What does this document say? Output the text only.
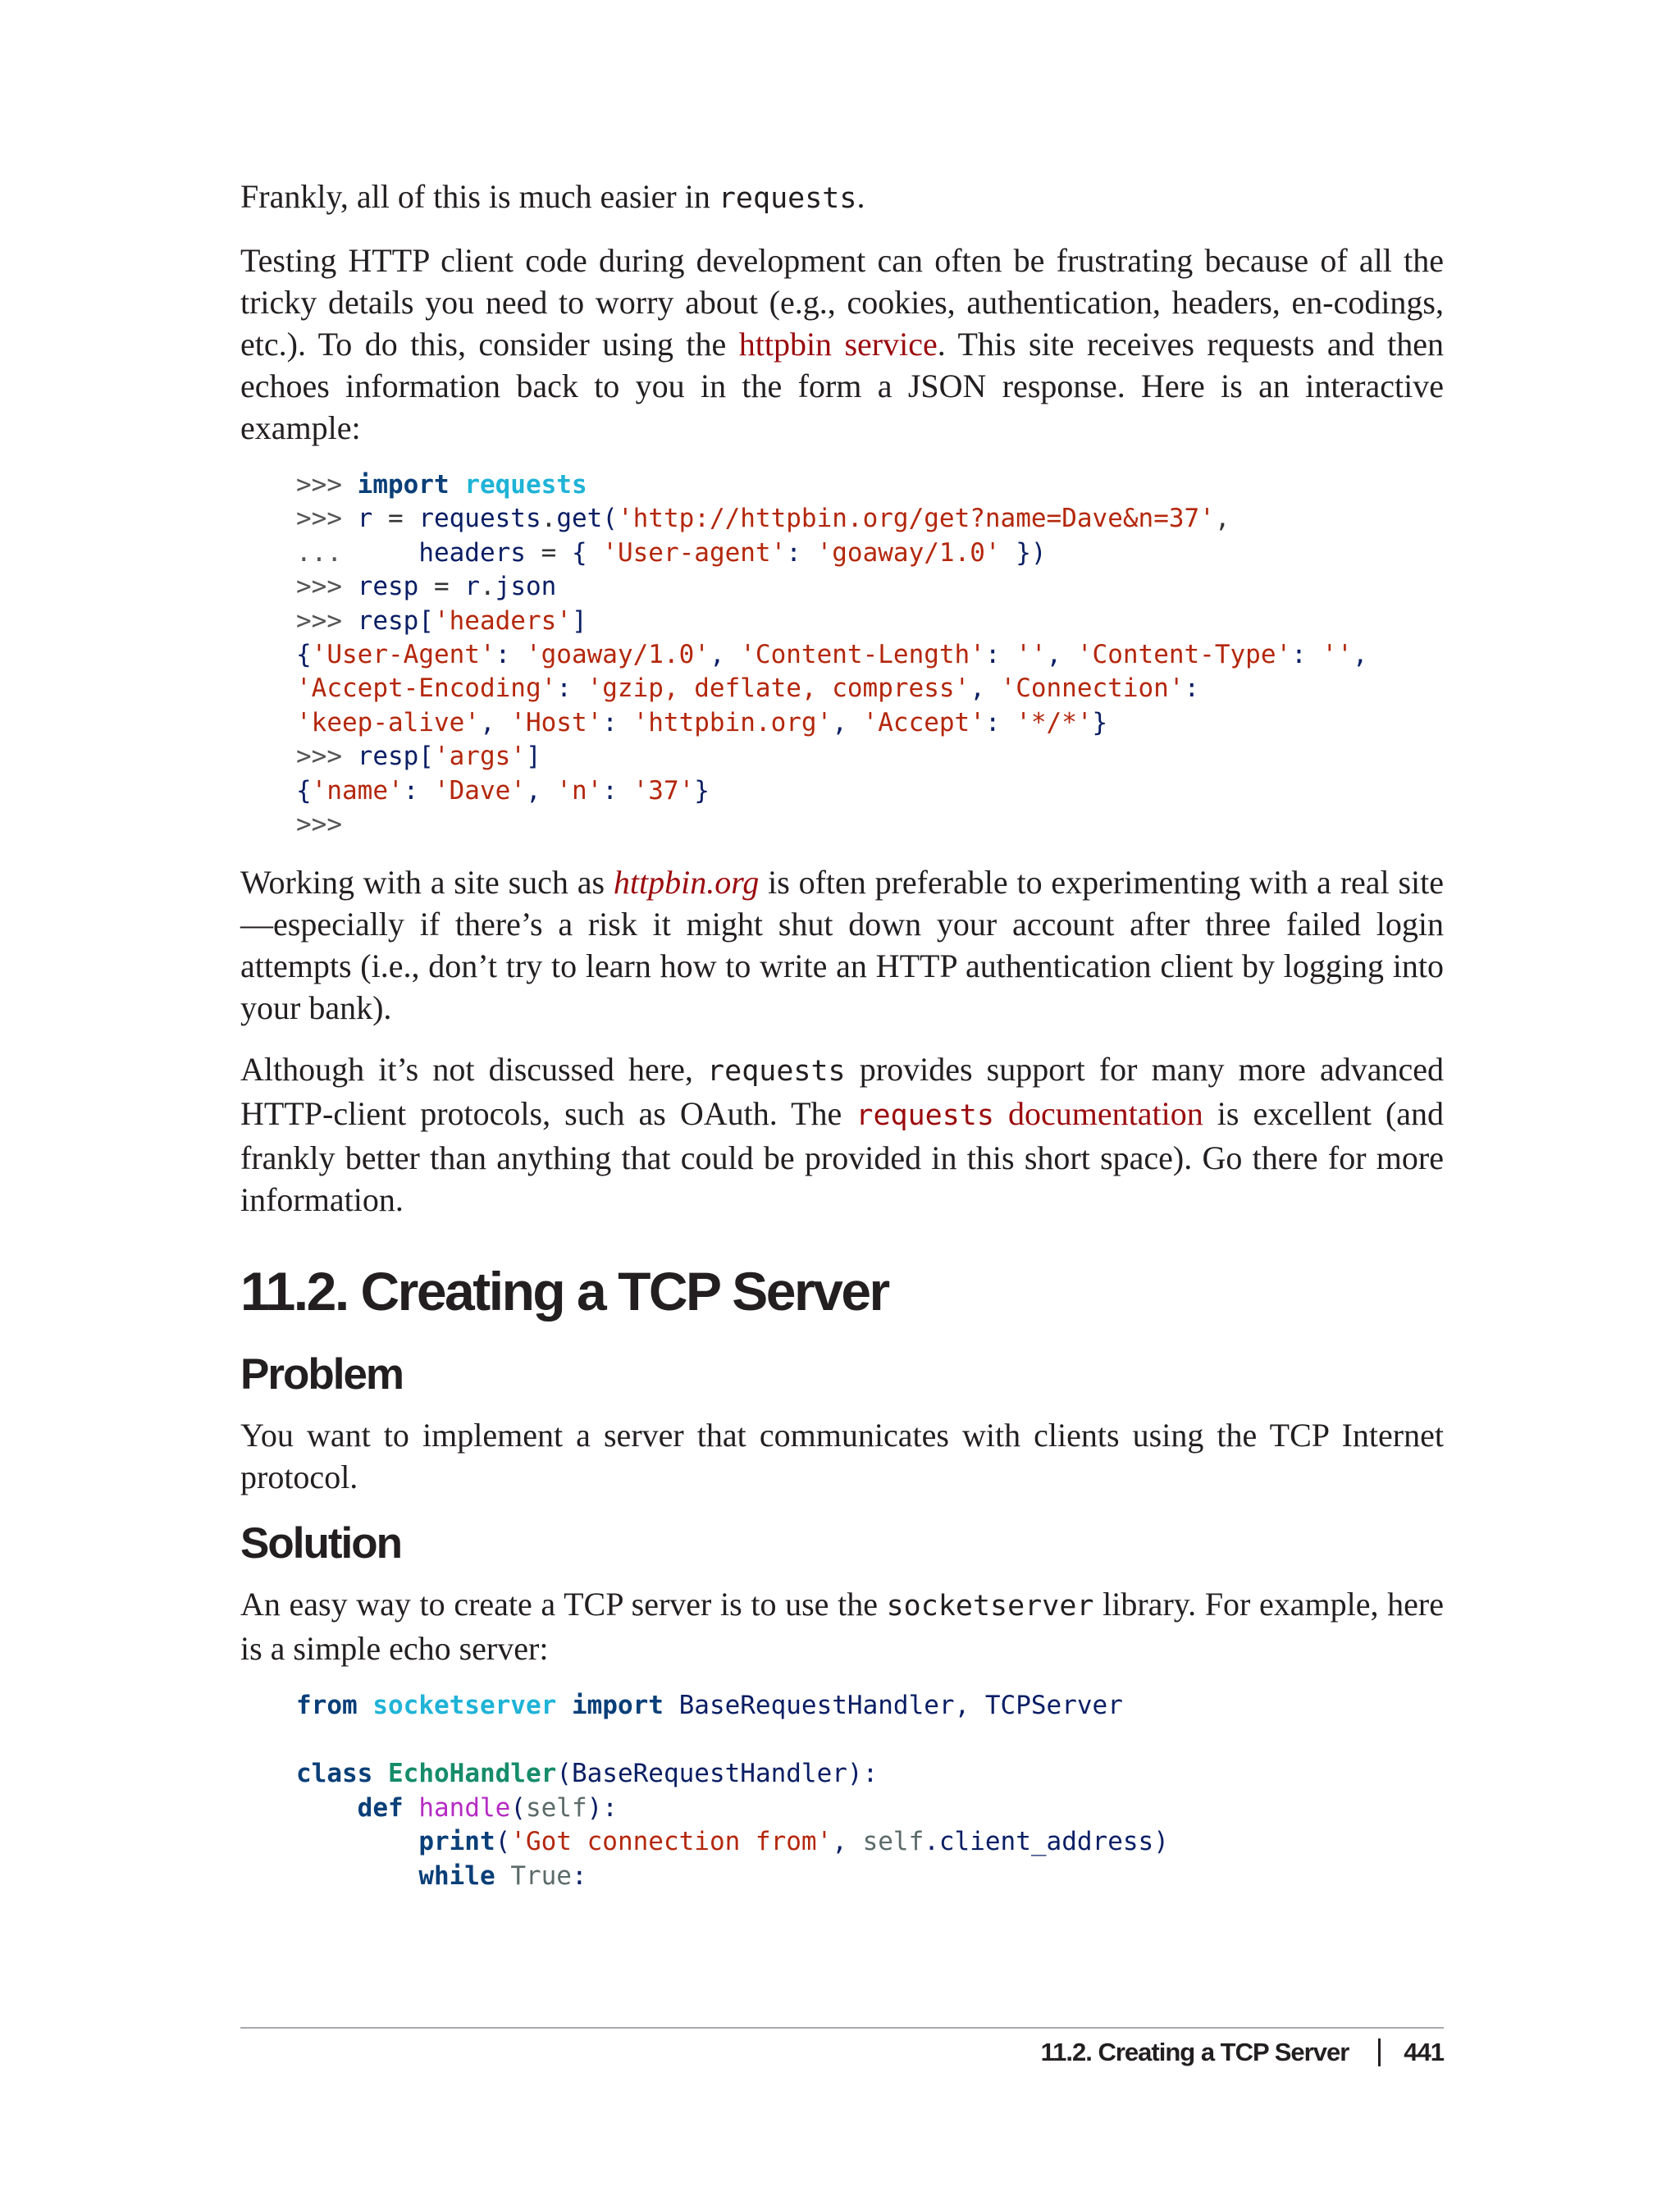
Frankly, all of this is much easier in requests.

Testing HTTP client code during development can often be frustrating because of all the tricky details you need to worry about (e.g., cookies, authentication, headers, en-codings, etc.). To do this, consider using the httpbin service. This site receives requests and then echoes information back to you in the form a JSON response. Here is an interactive example:

>>> import requests
>>> r = requests.get('http://httpbin.org/get?name=Dave&n=37',
...     headers = { 'User-agent': 'goaway/1.0' })
>>> resp = r.json
>>> resp['headers']
{'User-Agent': 'goaway/1.0', 'Content-Length': '', 'Content-Type': '',
'Accept-Encoding': 'gzip, deflate, compress', 'Connection':
'keep-alive', 'Host': 'httpbin.org', 'Accept': '*/*'}
>>> resp['args']
{'name': 'Dave', 'n': '37'}
>>>

Working with a site such as httpbin.org is often preferable to experimenting with a real site—especially if there’s a risk it might shut down your account after three failed login attempts (i.e., don’t try to learn how to write an HTTP authentication client by logging into your bank).

Although it’s not discussed here, requests provides support for many more advanced HTTP-client protocols, such as OAuth. The requests documentation is excellent (and frankly better than anything that could be provided in this short space). Go there for more information.

11.2. Creating a TCP Server
Problem

You want to implement a server that communicates with clients using the TCP Internet protocol.

Solution

An easy way to create a TCP server is to use the socketserver library. For example, here is a simple echo server:

from socketserver import BaseRequestHandler, TCPServer

class EchoHandler(BaseRequestHandler):
def handle(self):
print('Got connection from', self.client_address)
while True:
11.2. Creating a TCP Server 441
